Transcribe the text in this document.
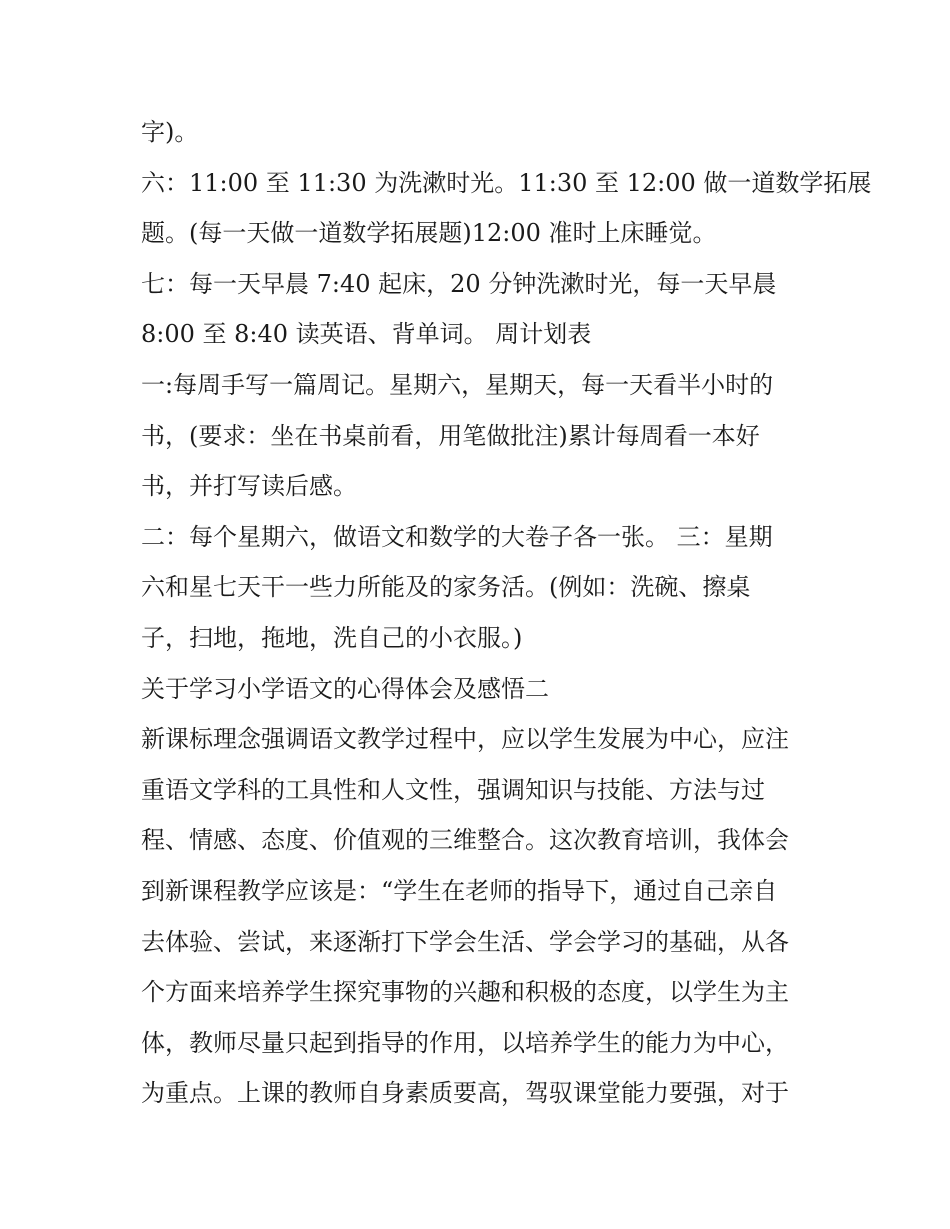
字)。
六：11:00 至 11:30 为洗漱时光。11:30 至 12:00 做一道数学拓展
题。(每一天做一道数学拓展题)12:00 准时上床睡觉。
七：每一天早晨 7:40 起床，20 分钟洗漱时光，每一天早晨
8:00 至 8:40 读英语、背单词。 周计划表
一:每周手写一篇周记。星期六，星期天，每一天看半小时的
书，(要求：坐在书桌前看，用笔做批注)累计每周看一本好
书，并打写读后感。
二：每个星期六，做语文和数学的大卷子各一张。 三：星期
六和星七天干一些力所能及的家务活。(例如：洗碗、擦桌
子，扫地，拖地，洗自己的小衣服。)
关于学习小学语文的心得体会及感悟二
新课标理念强调语文教学过程中，应以学生发展为中心，应注
重语文学科的工具性和人文性，强调知识与技能、方法与过
程、情感、态度、价值观的三维整合。这次教育培训，我体会
到新课程教学应该是：“学生在老师的指导下，通过自己亲自
去体验、尝试，来逐渐打下学会生活、学会学习的基础，从各
个方面来培养学生探究事物的兴趣和积极的态度，以学生为主
体，教师尽量只起到指导的作用，以培养学生的能力为中心，
为重点。上课的教师自身素质要高，驾驭课堂能力要强，对于
